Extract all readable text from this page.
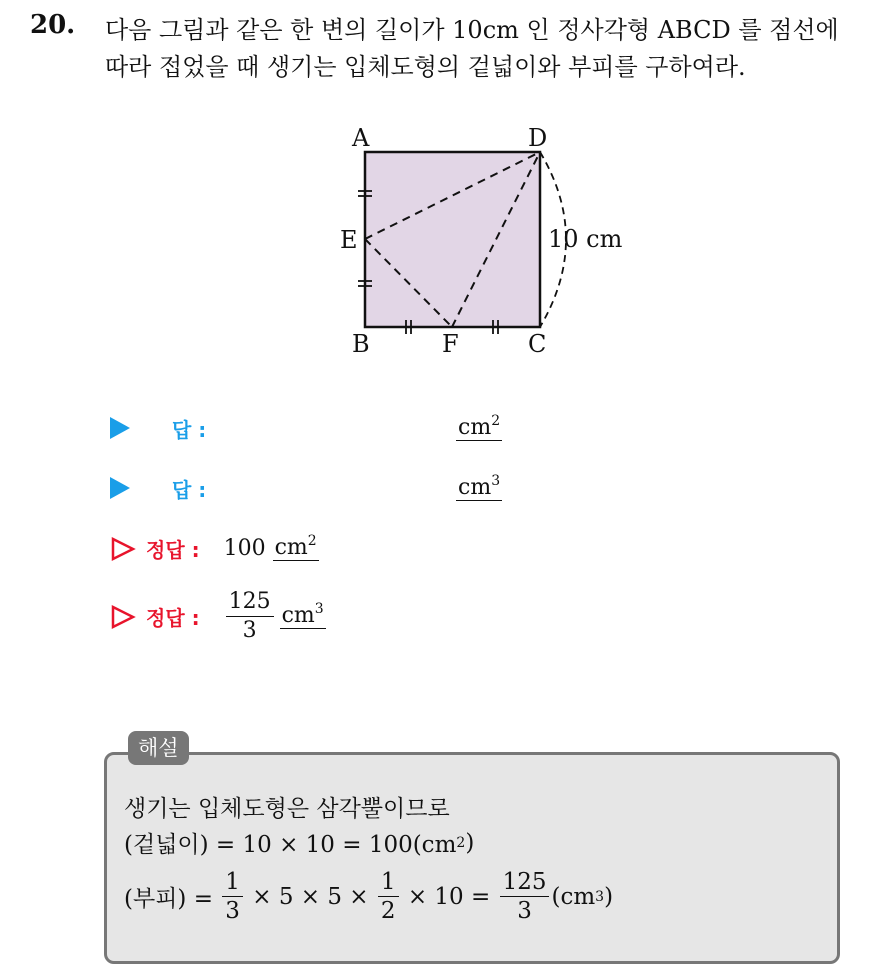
20. 다음 그림과 같은 한 변의 길이가 10cm 인 정사각형 ABCD 를 점선에
따라 접었을 때 생기는 입체도형의 겉넓이와 부피를 구하여라.
A	D
E
B	F	C
10 cm
답 :	$cm^2$
답 :	$cm^3$
정답 : 100
$cm^2$
정답 : $\frac{125}{3} cm^3$
해설
생기는 입체도형은 삼각뿔이므로
(겉넓이) = 10 × 10 = 100(cm 2 )
(부피) = $\frac{1}{3} \times 5 \times 5 \times \frac{1}{2} \times 10 = \frac{125}{3} (cm$ 3 )
